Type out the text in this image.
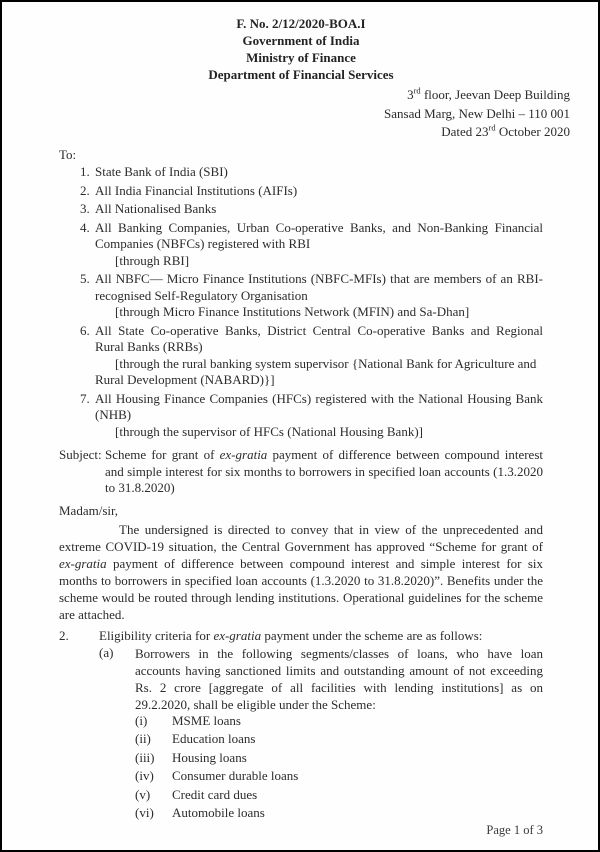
F. No. 2/12/2020-BOA.I
Government of India
Ministry of Finance
Department of Financial Services
3rd floor, Jeevan Deep Building
Sansad Marg, New Delhi – 110 001
Dated 23rd October 2020
To:
1. State Bank of India (SBI)
2. All India Financial Institutions (AIFIs)
3. All Nationalised Banks
4. All Banking Companies, Urban Co-operative Banks, and Non-Banking Financial Companies (NBFCs) registered with RBI
[through RBI]
5. All NBFC— Micro Finance Institutions (NBFC-MFIs) that are members of an RBI-recognised Self-Regulatory Organisation
[through Micro Finance Institutions Network (MFIN) and Sa-Dhan]
6. All State Co-operative Banks, District Central Co-operative Banks and Regional Rural Banks (RRBs)
[through the rural banking system supervisor {National Bank for Agriculture and Rural Development (NABARD)}]
7. All Housing Finance Companies (HFCs) registered with the National Housing Bank (NHB)
[through the supervisor of HFCs (National Housing Bank)]
Subject: Scheme for grant of ex-gratia payment of difference between compound interest and simple interest for six months to borrowers in specified loan accounts (1.3.2020 to 31.8.2020)
Madam/sir,

The undersigned is directed to convey that in view of the unprecedented and extreme COVID-19 situation, the Central Government has approved “Scheme for grant of ex-gratia payment of difference between compound interest and simple interest for six months to borrowers in specified loan accounts (1.3.2020 to 31.8.2020)”. Benefits under the scheme would be routed through lending institutions. Operational guidelines for the scheme are attached.

2.	Eligibility criteria for ex-gratia payment under the scheme are as follows:
(a)	Borrowers in the following segments/classes of loans, who have loan accounts having sanctioned limits and outstanding amount of not exceeding Rs. 2 crore [aggregate of all facilities with lending institutions] as on 29.2.2020, shall be eligible under the Scheme:
(i)	MSME loans
(ii)	Education loans
(iii)	Housing loans
(iv)	Consumer durable loans
(v)	Credit card dues
(vi)	Automobile loans
Page 1 of 3
